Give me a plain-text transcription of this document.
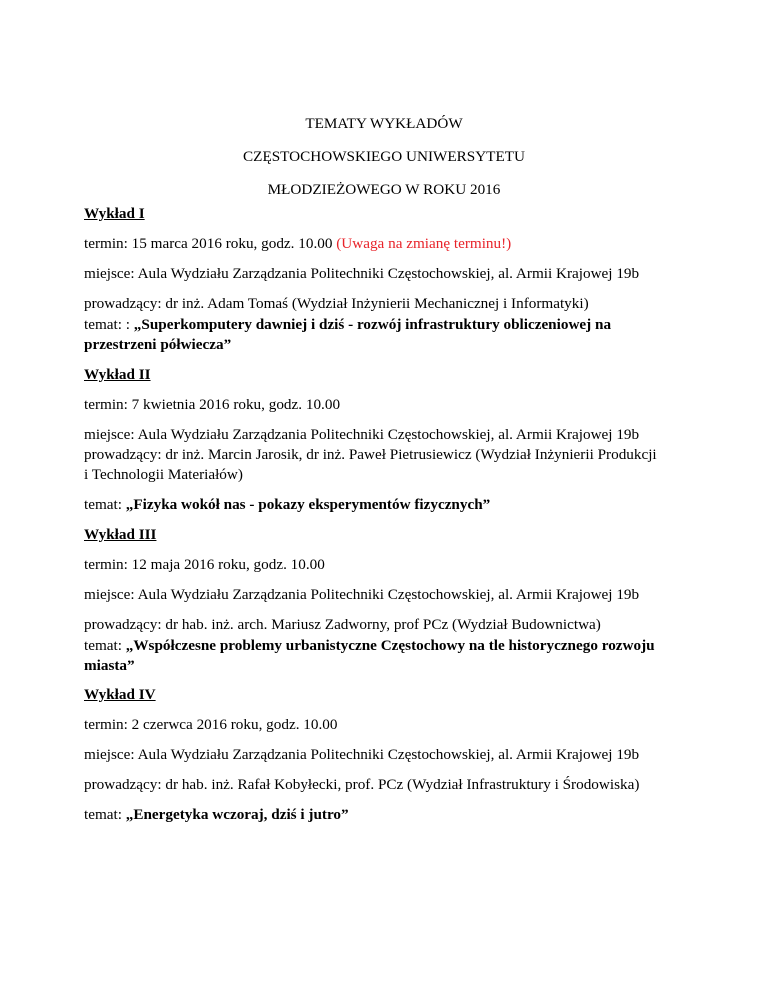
TEMATY WYKŁADÓW
CZĘSTOCHOWSKIEGO UNIWERSYTETU
MŁODZIEŻOWEGO W ROKU 2016
Wykład I
termin: 15 marca 2016 roku, godz. 10.00 (Uwaga na zmianę terminu!)
miejsce: Aula Wydziału Zarządzania Politechniki Częstochowskiej, al. Armii Krajowej 19b
prowadzący: dr inż. Adam Tomaś (Wydział Inżynierii Mechanicznej i Informatyki)
temat: : „Superkomputery dawniej i dziś - rozwój infrastruktury obliczeniowej na
przestrzeni półwiecza”
Wykład II
termin: 7 kwietnia 2016 roku, godz. 10.00
miejsce: Aula Wydziału Zarządzania Politechniki Częstochowskiej, al. Armii Krajowej 19b
prowadzący: dr inż. Marcin Jarosik, dr inż. Paweł Pietrusiewicz (Wydział Inżynierii Produkcji
i Technologii Materiałów)
temat: „Fizyka wokół nas - pokazy eksperymentów fizycznych”
Wykład III
termin: 12 maja 2016 roku, godz. 10.00
miejsce: Aula Wydziału Zarządzania Politechniki Częstochowskiej, al. Armii Krajowej 19b
prowadzący: dr hab. inż. arch. Mariusz Zadworny, prof PCz (Wydział Budownictwa)
temat: „Współczesne problemy urbanistyczne Częstochowy na tle historycznego rozwoju
miasta”
Wykład IV
termin: 2 czerwca 2016 roku, godz. 10.00
miejsce: Aula Wydziału Zarządzania Politechniki Częstochowskiej, al. Armii Krajowej 19b
prowadzący: dr hab. inż. Rafał Kobyłecki, prof. PCz (Wydział Infrastruktury i Środowiska)
temat: „Energetyka wczoraj, dziś i jutro”
